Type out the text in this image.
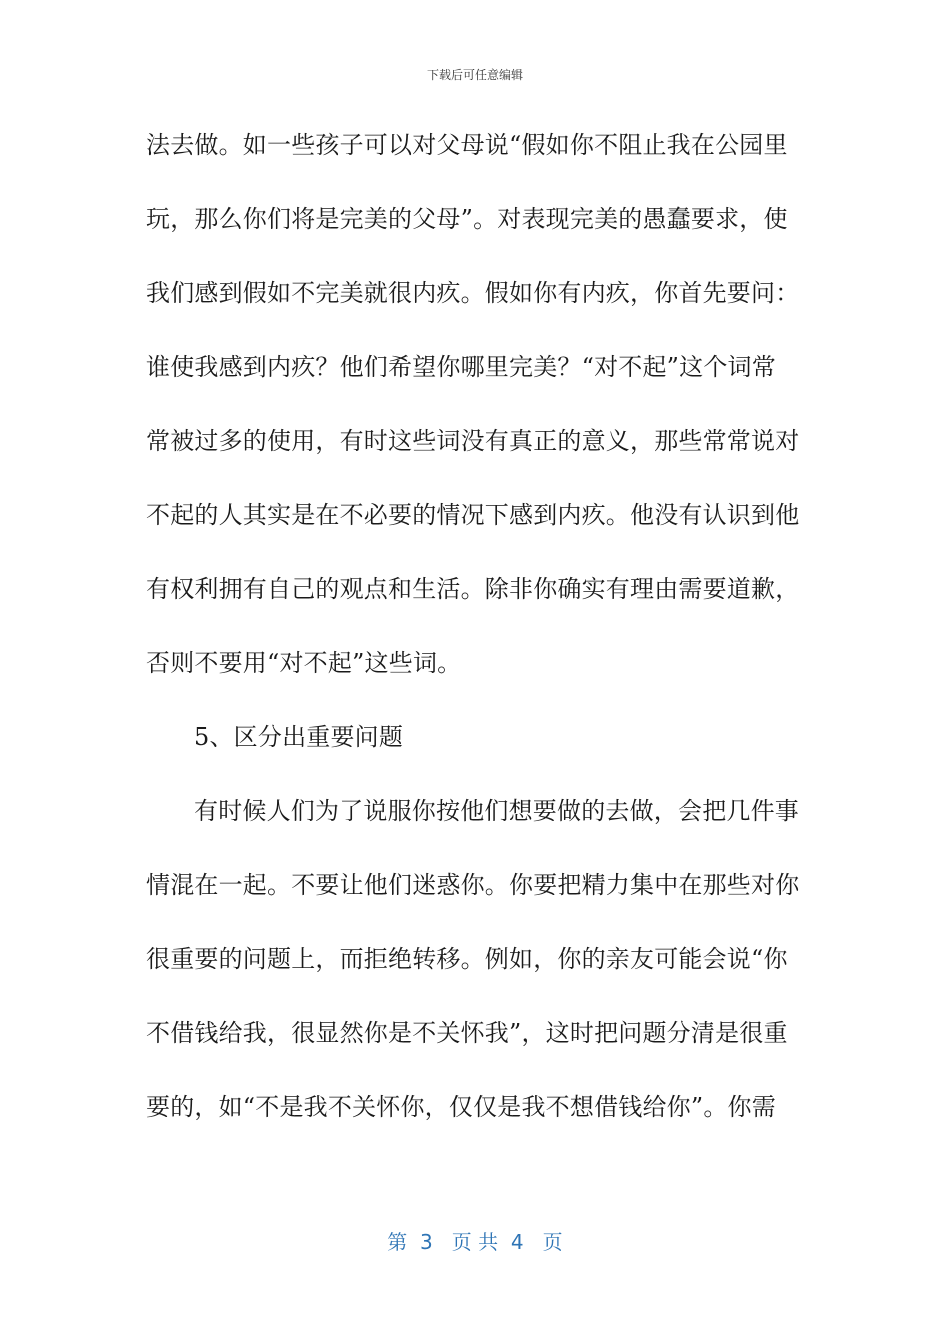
下载后可任意编辑
法去做。如一些孩子可以对父母说“假如你不阻止我在公园里
玩，那么你们将是完美的父母”。对表现完美的愚蠢要求，使
我们感到假如不完美就很内疚。假如你有内疚，你首先要问：
谁使我感到内疚？他们希望你哪里完美？“对不起”这个词常
常被过多的使用，有时这些词没有真正的意义，那些常常说对
不起的人其实是在不必要的情况下感到内疚。他没有认识到他
有权利拥有自己的观点和生活。除非你确实有理由需要道歉，
否则不要用“对不起”这些词。
5、区分出重要问题
有时候人们为了说服你按他们想要做的去做，会把几件事
情混在一起。不要让他们迷惑你。你要把精力集中在那些对你
很重要的问题上，而拒绝转移。例如，你的亲友可能会说“你
不借钱给我，很显然你是不关怀我”，这时把问题分清是很重
要的，如“不是我不关怀你，仅仅是我不想借钱给你”。你需
第  3   页 共  4   页
